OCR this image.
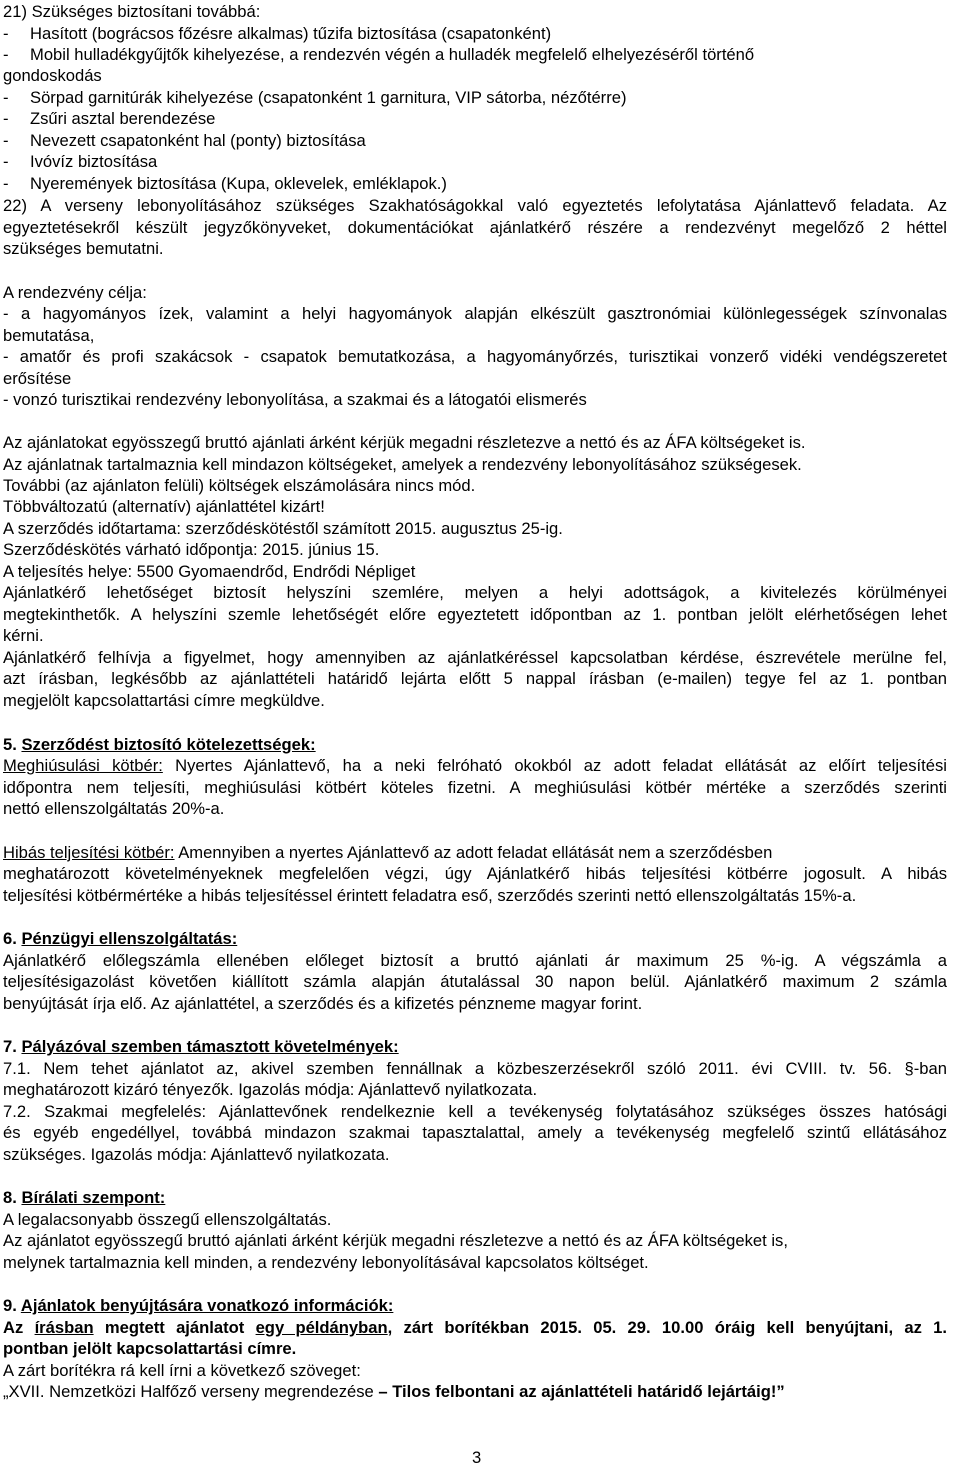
21) Szükséges biztosítani továbbá:

- Hasított (bográcsos főzésre alkalmas) tűzifa biztosítása (csapatonként)

- Mobil hulladékgyűjtők kihelyezése, a rendezvén végén a hulladék megfelelő elhelyezéséről történő

gondoskodás

- Sörpad garnitúrák kihelyezése (csapatonként 1 garnitura, VIP sátorba, nézőtérre)

- Zsűri asztal berendezése

- Nevezett csapatonként hal (ponty) biztosítása

- Ivóvíz biztosítása

- Nyeremények biztosítása (Kupa, oklevelek, emléklapok.)

22) A verseny lebonyolításához szükséges Szakhatóságokkal való egyeztetés lefolytatása Ajánlattevő feladata. Az

egyeztetésekről készült jegyzőkönyveket, dokumentációkat ajánlatkérő részére a rendezvényt megelőző 2 héttel

szükséges bemutatni.

A rendezvény célja:

- a hagyományos ízek, valamint a helyi hagyományok alapján elkészült gasztronómiai különlegességek színvonalas

bemutatása,

- amatőr és profi szakácsok - csapatok bemutatkozása, a hagyományőrzés, turisztikai vonzerő vidéki vendégszeretet

erősítése

- vonzó turisztikai rendezvény lebonyolítása, a szakmai és a látogatói elismerés

Az ajánlatokat egyösszegű bruttó ajánlati árként kérjük megadni részletezve a nettó és az ÁFA költségeket is.

Az ajánlatnak tartalmaznia kell mindazon költségeket, amelyek a rendezvény lebonyolításához szükségesek.

További (az ajánlaton felüli) költségek elszámolására nincs mód.

Többváltozatú (alternatív) ajánlattétel kizárt!

A szerződés időtartama: szerződéskötéstől számított 2015. augusztus 25-ig.

Szerződéskötés várható időpontja: 2015. június 15.

A teljesítés helye: 5500 Gyomaendrőd, Endrődi Népliget

Ajánlatkérő lehetőséget biztosít helyszíni szemlére, melyen a helyi adottságok, a kivitelezés körülményei

megtekinthetők. A helyszíni szemle lehetőségét előre egyeztetett időpontban az 1. pontban jelölt elérhetőségen lehet

kérni.

Ajánlatkérő felhívja a figyelmet, hogy amennyiben az ajánlatkéréssel kapcsolatban kérdése, észrevétele merülne fel,

azt írásban, legkésőbb az ajánlattételi határidő lejárta előtt 5 nappal írásban (e-mailen) tegye fel az 1. pontban

megjelölt kapcsolattartási címre megküldve.

5. Szerződést biztosító kötelezettségek:

Meghiúsulási kötbér: Nyertes Ajánlattevő, ha a neki felróható okokból az adott feladat ellátását az előírt teljesítési

időpontra nem teljesíti, meghiúsulási kötbért köteles fizetni. A meghiúsulási kötbér mértéke a szerződés szerinti

nettó ellenszolgáltatás 20%-a.

Hibás teljesítési kötbér: Amennyiben a nyertes Ajánlattevő az adott feladat ellátását nem a szerződésben

meghatározott követelményeknek megfelelően végzi, úgy Ajánlatkérő hibás teljesítési kötbérre jogosult. A hibás

teljesítési kötbérmértéke a hibás teljesítéssel érintett feladatra eső, szerződés szerinti nettó ellenszolgáltatás 15%-a.

6. Pénzügyi ellenszolgáltatás:

Ajánlatkérő előlegszámla ellenében előleget biztosít a bruttó ajánlati ár maximum 25 %-ig. A végszámla a

teljesítésigazolást követően kiállított számla alapján átutalással 30 napon belül. Ajánlatkérő maximum 2 számla

benyújtását írja elő. Az ajánlattétel, a szerződés és a kifizetés pénzneme magyar forint.

7. Pályázóval szemben támasztott követelmények:

7.1. Nem tehet ajánlatot az, akivel szemben fennállnak a közbeszerzésekről szóló 2011. évi CVIII. tv. 56. §-ban

meghatározott kizáró tényezők. Igazolás módja: Ajánlattevő nyilatkozata.

7.2. Szakmai megfelelés: Ajánlattevőnek rendelkeznie kell a tevékenység folytatásához szükséges összes hatósági

és egyéb engedéllyel, továbbá mindazon szakmai tapasztalattal, amely a tevékenység megfelelő szintű ellátásához

szükséges. Igazolás módja: Ajánlattevő nyilatkozata.

8. Bírálati szempont:

A legalacsonyabb összegű ellenszolgáltatás.

Az ajánlatot egyösszegű bruttó ajánlati árként kérjük megadni részletezve a nettó és az ÁFA költségeket is,

melynek tartalmaznia kell minden, a rendezvény lebonyolításával kapcsolatos költséget.

9. Ajánlatok benyújtására vonatkozó információk:

Az írásban megtett ajánlatot egy példányban, zárt borítékban 2015. 05. 29. 10.00 óráig kell benyújtani, az 1.

pontban jelölt kapcsolattartási címre.

A zárt borítékra rá kell írni a következő szöveget:

„XVII. Nemzetközi Halfőző verseny megrendezése – Tilos felbontani az ajánlattételi határidő lejártáig!”

3
